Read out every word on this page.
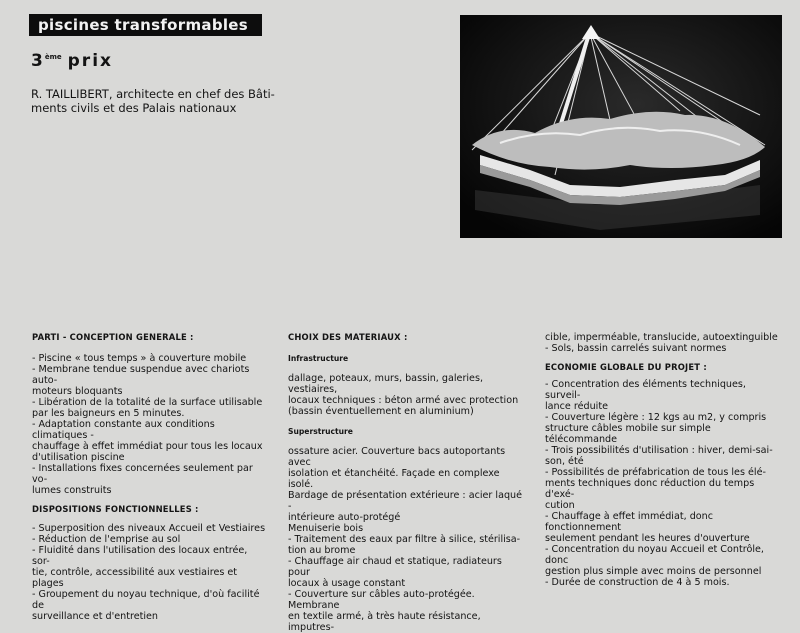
piscines transformables
3ème prix
R. TAILLIBERT, architecte en chef des Bâti-
ments civils et des Palais nationaux

PARTI - CONCEPTION GENERALE :

- Piscine « tous temps » à couverture mobile

- Membrane tendue suspendue avec chariots auto-

moteurs bloquants

- Libération de la totalité de la surface utilisable

par les baigneurs en 5 minutes.

- Adaptation constante aux conditions climatiques -

chauffage à effet immédiat pour tous les locaux

d'utilisation piscine

- Installations fixes concernées seulement par vo-

lumes construits

DISPOSITIONS FONCTIONNELLES :

- Superposition des niveaux Accueil et Vestiaires

- Réduction de l'emprise au sol

- Fluidité dans l'utilisation des locaux entrée, sor-

tie, contrôle, accessibilité aux vestiaires et plages

- Groupement du noyau technique, d'où facilité de

surveillance et d'entretien

CHOIX DES MATERIAUX :

Infrastructure

dallage, poteaux, murs, bassin, galeries, vestiaires,

locaux techniques : béton armé avec protection

(bassin éventuellement en aluminium)

Superstructure

ossature acier. Couverture bacs autoportants avec

isolation et étanchéité. Façade en complexe isolé.

Bardage de présentation extérieure : acier laqué -

intérieure auto-protégé

Menuiserie bois

- Traitement des eaux par filtre à silice, stérilisa-

tion au brome

- Chauffage air chaud et statique, radiateurs pour

locaux à usage constant

- Couverture sur câbles auto-protégée. Membrane

en textile armé, à très haute résistance, imputres-

cible, imperméable, translucide, autoextinguible

- Sols, bassin carrelés suivant normes

ECONOMIE GLOBALE DU PROJET :

- Concentration des éléments techniques, surveil-

lance réduite

- Couverture légère : 12 kgs au m2, y compris

structure câbles mobile sur simple télécommande

- Trois possibilités d'utilisation : hiver, demi-sai-

son, été

- Possibilités de préfabrication de tous les élé-

ments techniques donc réduction du temps d'exé-

cution

- Chauffage à effet immédiat, donc fonctionnement

seulement pendant les heures d'ouverture

- Concentration du noyau Accueil et Contrôle, donc

gestion plus simple avec moins de personnel

- Durée de construction de 4 à 5 mois.
